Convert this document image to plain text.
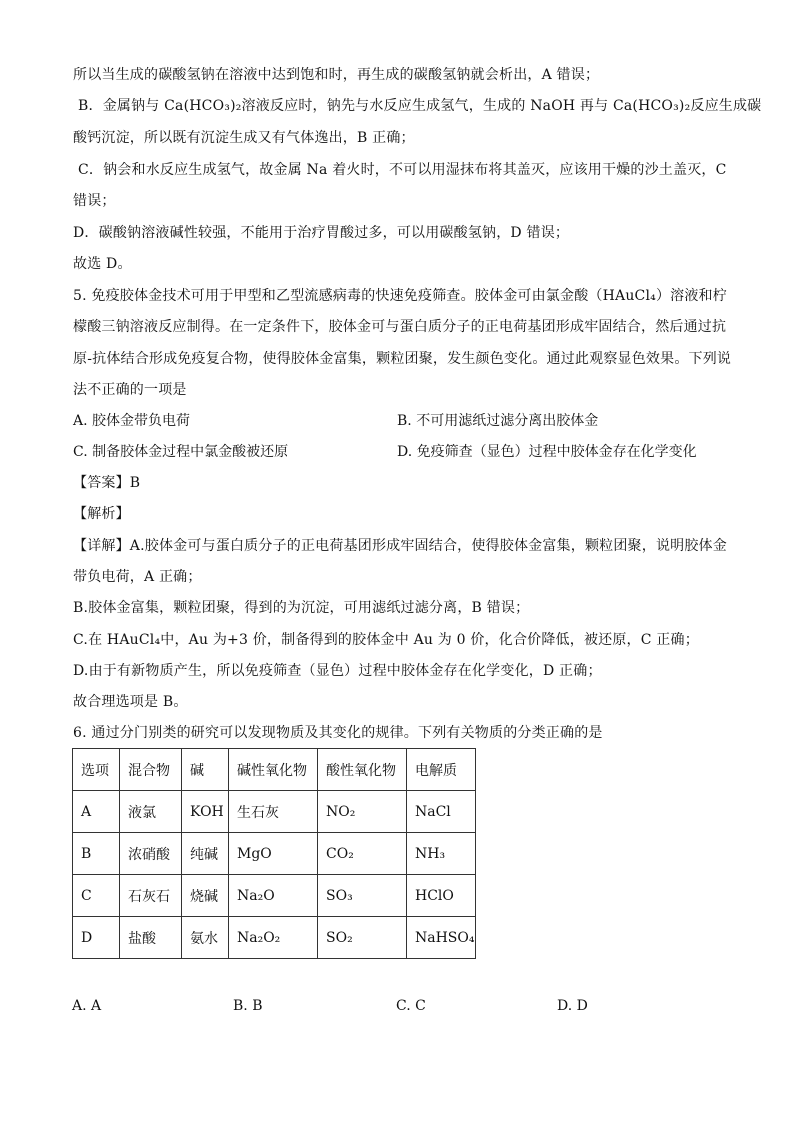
所以当生成的碳酸氢钠在溶液中达到饱和时，再生成的碳酸氢钠就会析出，A 错误；
B．金属钠与 Ca(HCO₃)₂溶液反应时，钠先与水反应生成氢气，生成的 NaOH 再与 Ca(HCO₃)₂反应生成碳
酸钙沉淀，所以既有沉淀生成又有气体逸出，B 正确；
C．钠会和水反应生成氢气，故金属 Na 着火时，不可以用湿抹布将其盖灭，应该用干燥的沙土盖灭，C
错误；
D．碳酸钠溶液碱性较强，不能用于治疗胃酸过多，可以用碳酸氢钠，D 错误；
故选 D。
5. 免疫胶体金技术可用于甲型和乙型流感病毒的快速免疫筛查。胶体金可由氯金酸（HAuCl₄）溶液和柠
檬酸三钠溶液反应制得。在一定条件下，胶体金可与蛋白质分子的正电荷基团形成牢固结合，然后通过抗
原-抗体结合形成免疫复合物，使得胶体金富集，颗粒团聚，发生颜色变化。通过此观察显色效果。下列说
法不正确的一项是
A. 胶体金带负电荷	B. 不可用滤纸过滤分离出胶体金
C. 制备胶体金过程中氯金酸被还原	D. 免疫筛查（显色）过程中胶体金存在化学变化
【答案】B
【解析】
【详解】A.胶体金可与蛋白质分子的正电荷基团形成牢固结合，使得胶体金富集，颗粒团聚，说明胶体金
带负电荷，A 正确；
B.胶体金富集，颗粒团聚，得到的为沉淀，可用滤纸过滤分离，B 错误；
C.在 HAuCl₄中，Au 为+3 价，制备得到的胶体金中 Au 为 0 价，化合价降低，被还原，C 正确；
D.由于有新物质产生，所以免疫筛查（显色）过程中胶体金存在化学变化，D 正确；
故合理选项是 B。
6. 通过分门别类的研究可以发现物质及其变化的规律。下列有关物质的分类正确的是
选项	混合物	碱	碱性氧化物	酸性氧化物	电解质
A	液氯	KOH	生石灰	NO₂	NaCl
B	浓硝酸	纯碱	MgO	CO₂	NH₃
C	石灰石	烧碱	Na₂O	SO₃	HClO
D	盐酸	氨水	Na₂O₂	SO₂	NaHSO₄
A. A	B. B	C. C	D. D
